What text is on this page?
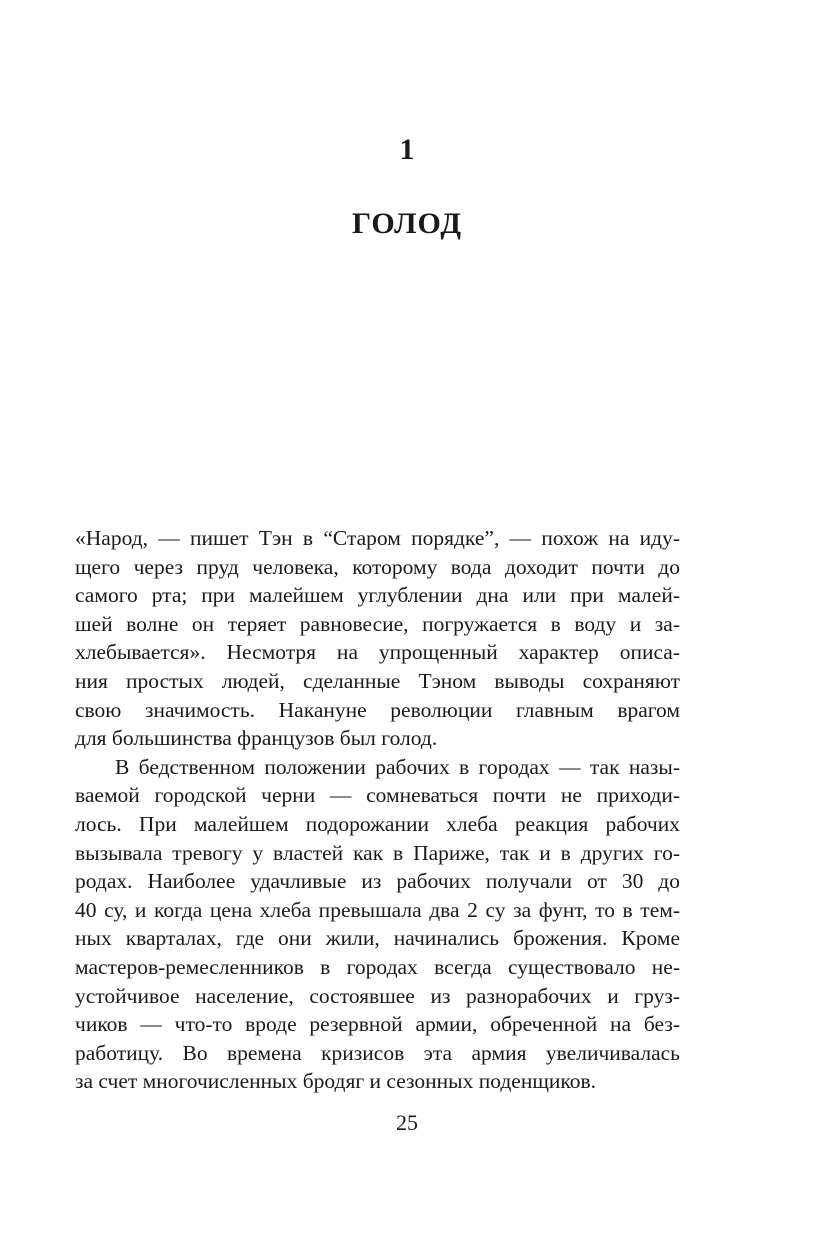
1
ГОЛОД
«Народ, — пишет Тэн в “Старом порядке”, — похож на иду-
щего через пруд человека, которому вода доходит почти до
самого рта; при малейшем углублении дна или при малей-
шей волне он теряет равновесие, погружается в воду и за-
хлебывается». Несмотря на упрощенный характер описа-
ния простых людей, сделанные Тэном выводы сохраняют
свою значимость. Накануне революции главным врагом
для большинства французов был голод.
В бедственном положении рабочих в городах — так назы-
ваемой городской черни — сомневаться почти не приходи-
лось. При малейшем подорожании хлеба реакция рабочих
вызывала тревогу у властей как в Париже, так и в других го-
родах. Наиболее удачливые из рабочих получали от 30 до
40 су, и когда цена хлеба превышала два 2 су за фунт, то в тем-
ных кварталах, где они жили, начинались брожения. Кроме
мастеров-ремесленников в городах всегда существовало не-
устойчивое население, состоявшее из разнорабочих и груз-
чиков — что-то вроде резервной армии, обреченной на без-
работицу. Во времена кризисов эта армия увеличивалась
за счет многочисленных бродяг и сезонных поденщиков.
25
